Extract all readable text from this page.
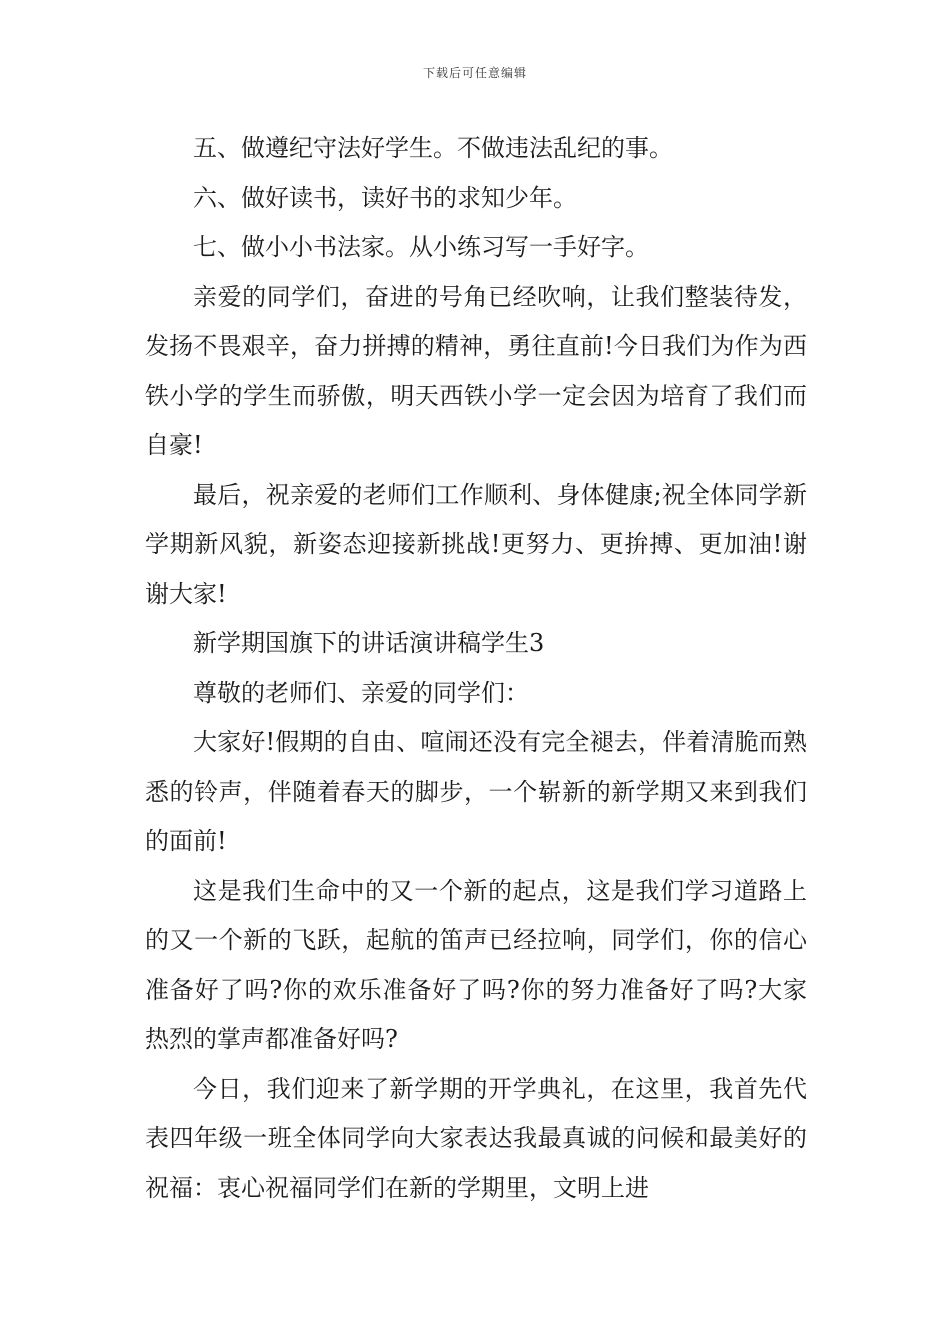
下载后可任意编辑

五、做遵纪守法好学生。不做违法乱纪的事。

六、做好读书，读好书的求知少年。

七、做小小书法家。从小练习写一手好字。

亲爱的同学们，奋进的号角已经吹响，让我们整装待发，发扬不畏艰辛，奋力拼搏的精神，勇往直前!今日我们为作为西铁小学的学生而骄傲，明天西铁小学一定会因为培育了我们而自豪!

最后，祝亲爱的老师们工作顺利、身体健康;祝全体同学新学期新风貌，新姿态迎接新挑战!更努力、更拚搏、更加油!谢谢大家!

新学期国旗下的讲话演讲稿学生3

尊敬的老师们、亲爱的同学们：

大家好!假期的自由、喧闹还没有完全褪去，伴着清脆而熟悉的铃声，伴随着春天的脚步，一个崭新的新学期又来到我们的面前!

这是我们生命中的又一个新的起点，这是我们学习道路上的又一个新的飞跃，起航的笛声已经拉响，同学们，你的信心准备好了吗?你的欢乐准备好了吗?你的努力准备好了吗?大家热烈的掌声都准备好吗?

今日，我们迎来了新学期的开学典礼，在这里，我首先代表四年级一班全体同学向大家表达我最真诚的问候和最美好的祝福：衷心祝福同学们在新的学期里，文明上进
